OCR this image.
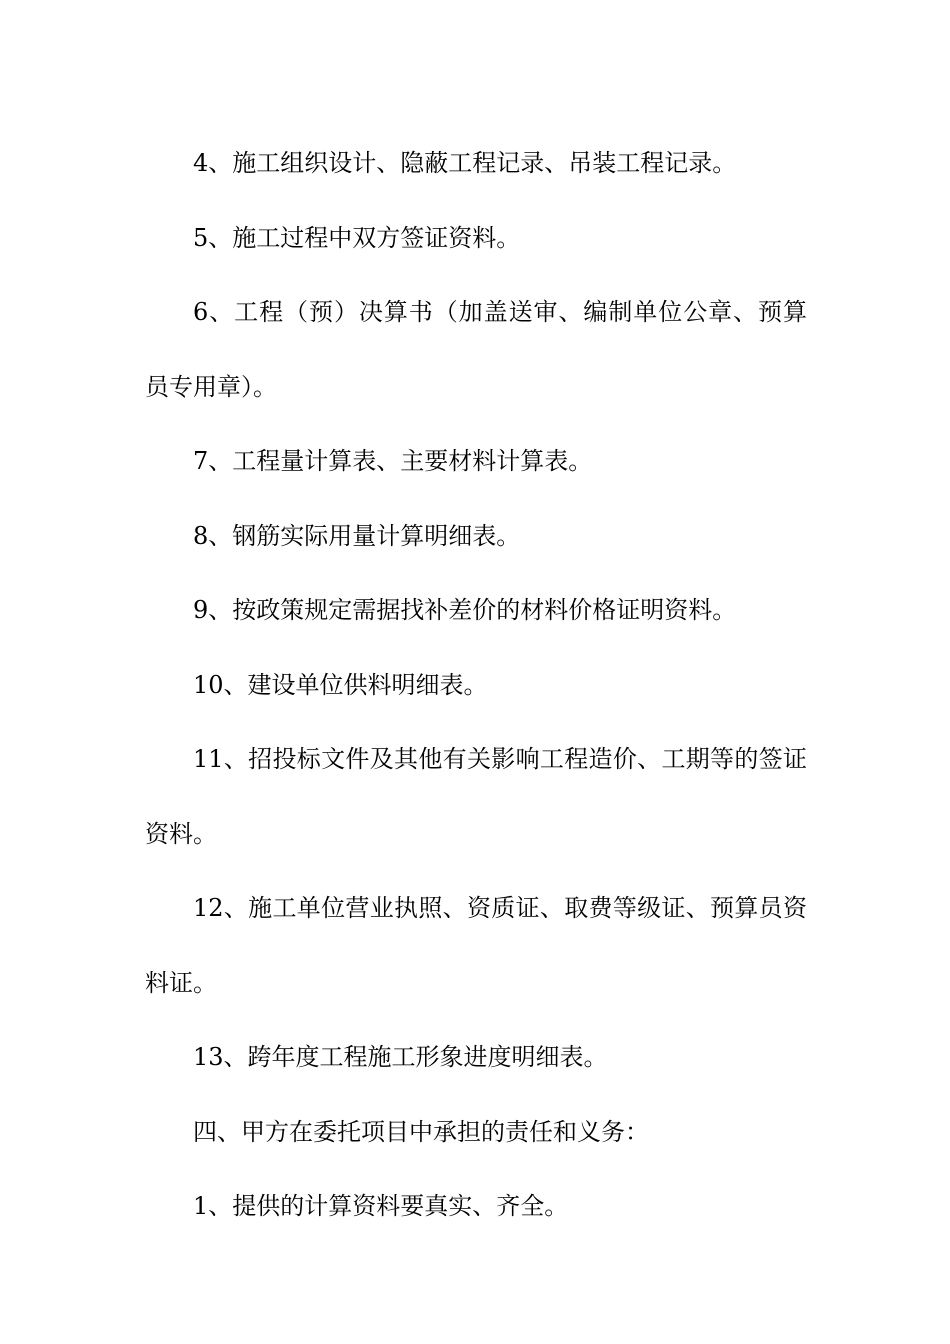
4、施工组织设计、隐蔽工程记录、吊装工程记录。

5、施工过程中双方签证资料。

6、工程（预）决算书（加盖送审、编制单位公章、预算员专用章）。

7、工程量计算表、主要材料计算表。

8、钢筋实际用量计算明细表。

9、按政策规定需据找补差价的材料价格证明资料。

10、建设单位供料明细表。

11、招投标文件及其他有关影响工程造价、工期等的签证资料。

12、施工单位营业执照、资质证、取费等级证、预算员资料证。

13、跨年度工程施工形象进度明细表。

四、甲方在委托项目中承担的责任和义务：

1、提供的计算资料要真实、齐全。
